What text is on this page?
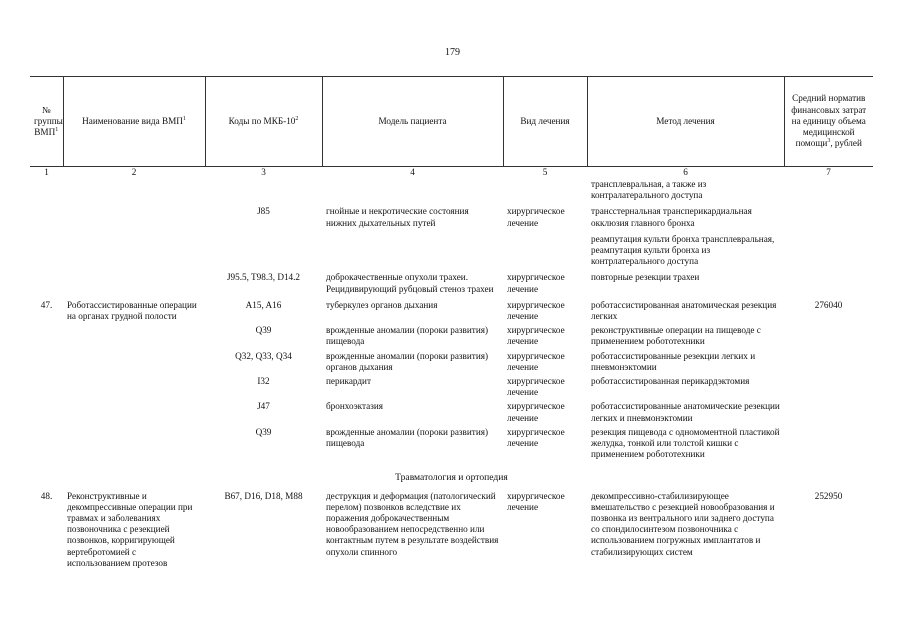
179
№ группы ВМП$^1$	Наименование вида ВМП$^1$	Коды по МКБ-$10^2$	Модель пациента	Вид лечения	Метод лечения	Средний норматив финансовых затрат на единицу объема медицинской помощи$^3$, рублей
1	2	3	4	5	6	7
					трансплевральная, а также из контралатерального доступа	
		J85	гнойные и некротические состояния нижних дыхательных путей	хирургическое лечение	трансстернальная трансперикардиальная окклюзия главного бронха	
					реампутация культи бронха трансплевральная, реампутация культи бронха из контрлатерального доступа	
		J95.5, T98.3, D14.2	доброкачественные опухоли трахеи. Рецидивирующий рубцовый стеноз трахеи	хирургическое лечение	повторные резекции трахеи	
47.	Роботассистированные операции на органах грудной полости	A15, A16	туберкулез органов дыхания	хирургическое лечение	роботассистированная анатомическая резекция легких	276040
		Q39	врожденные аномалии (пороки развития) пищевода	хирургическое лечение	реконструктивные операции на пищеводе с применением робототехники	
		Q32, Q33, Q34	врожденные аномалии (пороки развития) органов дыхания	хирургическое лечение	роботассистированные резекции легких и пневмонэктомии	
		I32	перикардит	хирургическое лечение	роботассистированная перикардэктомия	
		J47	бронхоэктазия	хирургическое лечение	роботассистированные анатомические резекции легких и пневмонэктомии	
		Q39	врожденные аномалии (пороки развития) пищевода	хирургическое лечение	резекция пищевода с одномоментной пластикой желудка, тонкой или толстой кишки с применением робототехники	
Травматология и ортопедия						
48.	Реконструктивные и декомпрессивные операции при травмах и заболеваниях позвоночника с резекцией позвонков, корригирующей вертебротомией с использованием протезов	B67, D16, D18, M88	деструкция и деформация (патологический перелом) позвонков вследствие их поражения доброкачественным новообразованием непосредственно или контактным путем в результате воздействия опухоли спинного	хирургическое лечение	декомпрессивно-стабилизирующее вмешательство с резекцией новообразования и позвонка из вентрального или заднего доступа со спондилосинтезом позвоночника с использованием погружных имплантатов и стабилизирующих систем	252950
